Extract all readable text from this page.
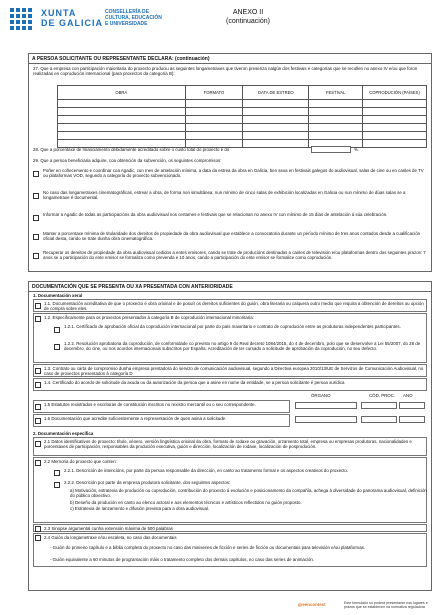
XUNTA
DE GALICIA
CONSELLERÍA DE
CULTURA, EDUCACIÓN
E UNIVERSIDADE
ANEXO II
(continuación)
A PERSOA SOLICITANTE OU REPRESENTANTE DECLARA: (continuación)
27. Que a empresa con participación maioritaria do proxecto produciu as seguintes longametraxes que tiveron presenza nalgún dos festivais e categorías que se recollen no anexo IV e/ou que foron realizadas en coprodución internacional (para proxectos da categoría B):
OBRA	FORMATO	DATA DE ESTREO	FESTIVAL	COPRODUCIÓN (PAÍSES)

28. Que a porcentaxe de financiamento debidamente acreditado sobre o custo total do proxecto é do	%.
29. Que a persoa beneficiaria adquire, coa obtención da subvención, os seguintes compromisos:
Poñer en coñecemento e coordinar coa Agadic, cun mes de antelación mínima, a data da estrea da obra en Galicia, ben sexa en festivais galegos do audiovisual, salas de cine ou en canles de TV ou plataformas VOD, segundo a categoría do proxecto subvencionado.
No caso das longametraxes cinematográficas, estrear a obra, de forma non simultánea, nun mínimo de cinco salas de exhibición localizadas en Galicia ou nun mínimo de dúas salas se a longametraxe é documental.
Informar a Agadic de todas as participacións da obra audiovisual nos certames e festivais que se relacionan no anexo IV cun mínimo de 15 días de antelación á súa celebración.
Manter a porcentaxe mínima de titularidade dos dereitos de propiedade da obra audiovisual que establece a convocatoria durante un período mínimo de tres anos contados desde a cualificación oficial desta, cando se trate dunha obra cinematográfica.
Recuperar os dereitos de propiedade da obra audiovisual cedidos a entes emisores, cando se trate de producións destinadas a canles de televisión e/ou plataformas dentro dos seguintes prazos: 7 anos se a participación do ente emisor se formaliza como prevenda e 10 anos, cando a participación do ente emisor se formalice como coprodución.
DOCUMENTACIÓN QUE SE PRESENTA OU XA PRESENTADA CON ANTERIORIDADE
1. Documentación xeral
1.1. Documentación acreditativa de que o proxecto é obra orixinal e de posuír os dereitos suficientes do guión, obra literaria ou calquera outro medio que requira a obtención de dereitos ou opción de compra sobre eles.
1.2. Especificamente para os proxectos presentados á categoría B de coprodución internacional minoritaria:
1.2.1. Certificado de aprobación oficial da coprodución internacional por parte do país maioritario e contrato de coprodución entre as produtoras independentes participantes.
1.2.2. Resolución aprobatoria da coprodución, de conformidade co previsto no artigo 9 do Real decreto 1084/2015, do 4 de decembro, polo que se desenvolve a Lei 55/2007, do 28 de decembro, do cine, ou nos acordos internacionais subscritos por España. Acreditación de ter cursado a solicitude de aprobación da coprodución, no seu defecto.
1.3. Contrato ou carta de compromiso dunha empresa prestadora do servizo de comunicación audiovisual, segundo a Directiva europea 2010/13/UE de Servizos de Comunicación Audiovisual, no caso de proxectos presentados á categoría D
1.4. Certificado do acordo de solicitude da axuda ou da autorización da persoa que a asine en nome da entidade, se a persoa solicitante é persoa xurídica
ÓRGANO	CÓD. PROC. ANO
1.5 Estatutos rexistrados e escrituras de constitución inscritos no rexistro mercantil ou o seu correspondente.
1.6 Documentación que acredite suficientemente a representación de quen asina a solicitude.
2. Documentación específica
2.1 Datos identificativos do proxecto: título, xénero, versión lingüística orixinal da obra, formato de rodaxe ou gravación, orzamento total, empresa ou empresas produtoras, nacionalidades e porcentaxes de participación, responsables da produción executiva, guión e dirección, localización de rodaxe, localización de posprodución.
2.2 Memoria do proxecto que conten:
2.2.1. Descrición de intencións, por parte da persoa responsable da dirección, en canto ao tratamento formal e os aspectos creativos do proxecto.
2.2.2. Descrición por parte da empresa produtora solicitante, dos seguintes aspectos:
a) Motivación, estratexia de produción ou coprodución, contribución do proxecto á evolución e posicionamento da compañía, achega á diversidade do panorama audiovisual, definición do público obxectivo.
b) Deseño da produción en canto ao elenco actoral e aos elementos técnicos e artísticos reflectidos no guión proposto.
c) Estratexia de lanzamento e difusión prevista para a obra audiovisual.
2.3 Sinopse argumental cunha extensión máxima de 500 palabras
2.4 Guión da longametraxe e/ou escaleta, no caso das documentais
- Guión do primeiro capítulo e a biblia completa do proxecto no caso das miniseries de ficción e series de ficción ou documentais para televisión e/ou plataformas.
- Guión equivalente a 60 minutos de programación máis o tratamento completo dos demais capítulos, no caso das series de animación.
greencontest	Este formulario só poderá presentarse nos lugares e prazos que se establecen na normativa reguladora
